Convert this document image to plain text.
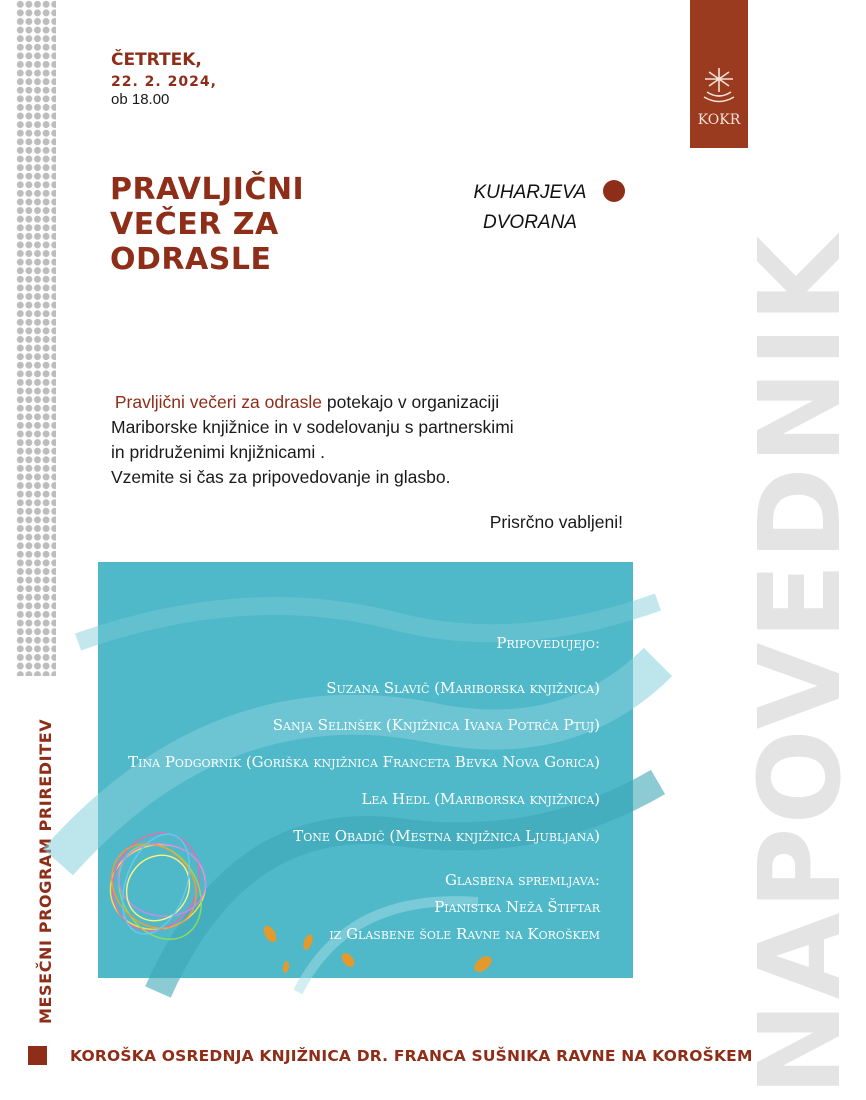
MESEČNI PROGRAM PRIREDITEV	NAPOVEDNIK
KOKR
ČETRTEK,
22. 2. 2024,
ob 18.00
PRAVLJIČNI
VEČER ZA
ODRASLE
KUHARJEVA
DVORANA
Pravljični večeri za odrasle potekajo v organizaciji
Mariborske knjižnice in v sodelovanju s partnerskimi
in pridruženimi knjižnicami .
Vzemite si čas za pripovedovanje in glasbo.
Prisrčno vabljeni!
Pripovedujejo:
Suzana Slavič (Mariborska knjižnica)
Sanja Selinšek (Knjižnica Ivana Potrča Ptuj)
Tina Podgornik (Goriška knjižnica Franceta Bevka Nova Gorica)
Lea Hedl (Mariborska knjižnica)
Tone Obadič (Mestna knjižnica Ljubljana)
Glasbena spremljava:
Pianistka Neža Štiftar
iz Glasbene šole Ravne na Koroškem
KOROŠKA OSREDNJA KNJIŽNICA DR. FRANCA SUŠNIKA RAVNE NA KOROŠKEM
